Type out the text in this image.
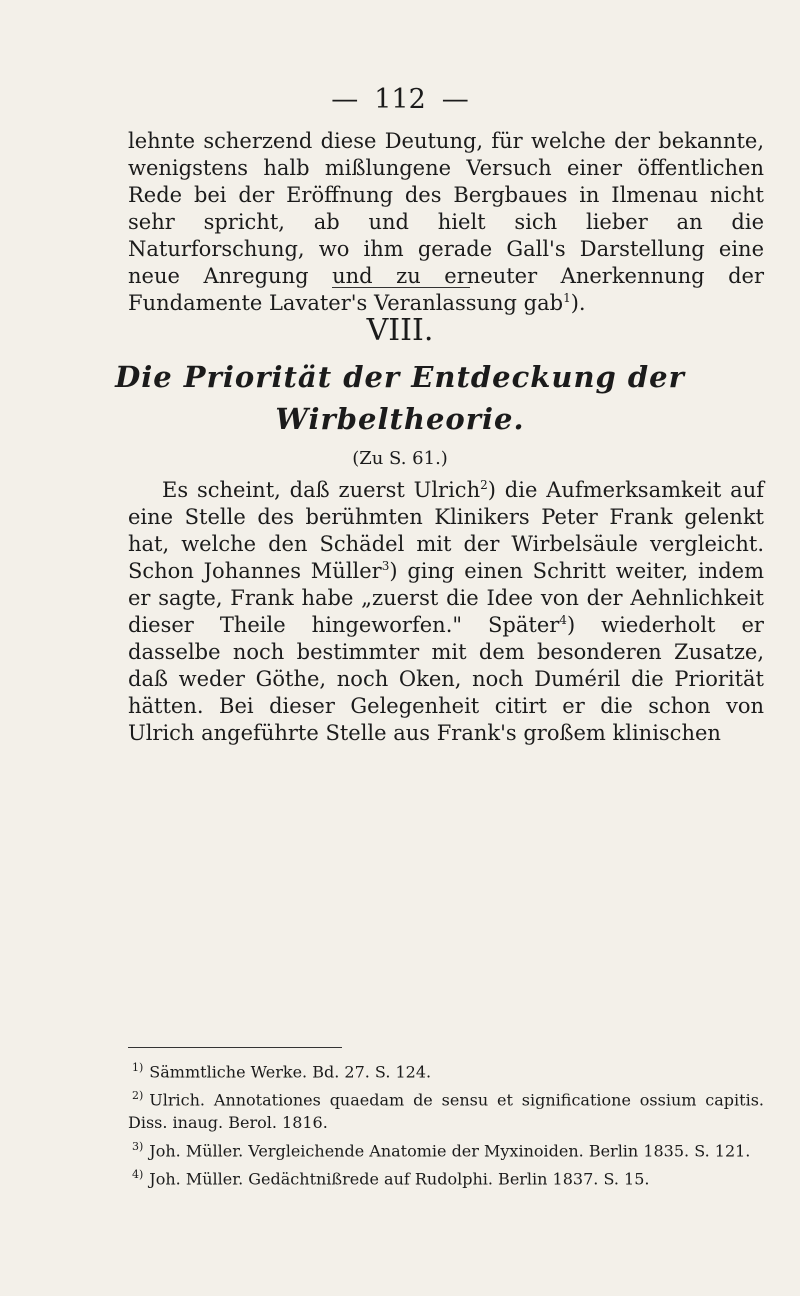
— 112 —

lehnte scherzend diese Deutung, für welche der bekannte, wenigstens halb mißlungene Versuch einer öffentlichen Rede bei der Eröffnung des Bergbaues in Ilmenau nicht sehr spricht, ab und hielt sich lieber an die Naturforschung, wo ihm gerade Gall's Darstellung eine neue Anregung und zu erneuter Anerkennung der Fundamente Lavater's Veranlassung gab$^1$).

VIII.
Die Priorität der Entdeckung der
Wirbeltheorie.
(Zu S. 61.)

Es scheint, daß zuerst Ulrich$^2$) die Aufmerksamkeit auf eine Stelle des berühmten Klinikers Peter Frank gelenkt hat, welche den Schädel mit der Wirbelsäule vergleicht. Schon Johannes Müller$^3$) ging einen Schritt weiter, indem er sagte, Frank habe „zuerst die Idee von der Aehnlichkeit dieser Theile hingeworfen." Später$^4$) wiederholt er dasselbe noch bestimmter mit dem besonderen Zusatze, daß weder Göthe, noch Oken, noch Duméril die Priorität hätten. Bei dieser Gelegenheit citirt er die schon von Ulrich angeführte Stelle aus Frank's großem klinischen

$^{1)}$ Sämmtliche Werke. Bd. 27. S. 124.
$^{2)}$ Ulrich. Annotationes quaedam de sensu et significatione ossium capitis. Diss. inaug. Berol. 1816.
$^{3)}$ Joh. Müller. Vergleichende Anatomie der Myxinoiden. Berlin 1835. S. 121.
$^{4)}$ Joh. Müller. Gedächtnißrede auf Rudolphi. Berlin 1837. S. 15.
